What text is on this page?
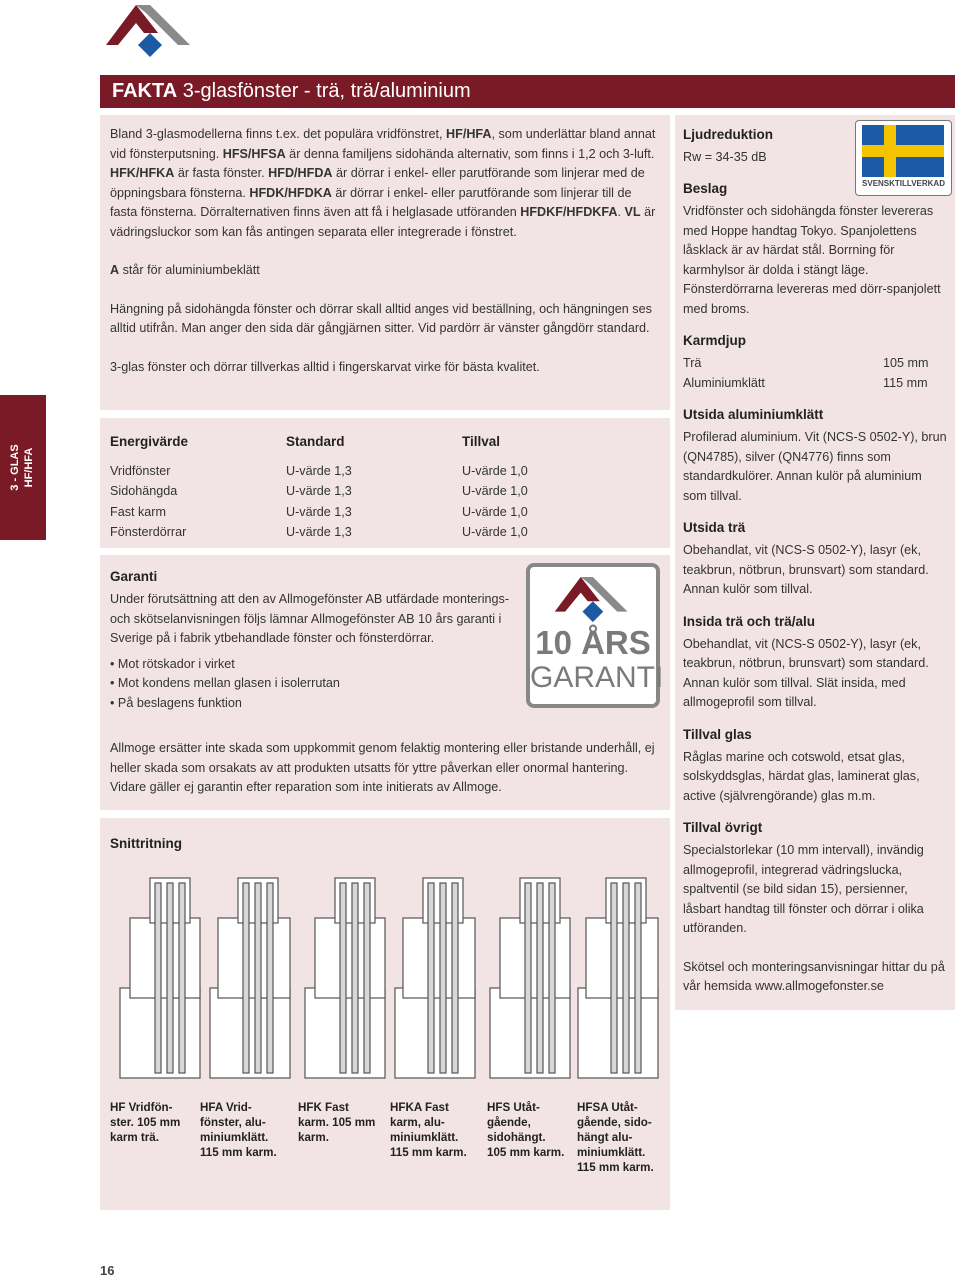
FAKTA 3-glasfönster - trä, trä/aluminium
3 - GLAS HF/HFA

Bland 3-glasmodellerna finns t.ex. det populära vridfönstret, HF/HFA, som underlättar bland annat vid fönsterputsning. HFS/HFSA är denna familjens sidohända alternativ, som finns i 1,2 och 3-luft. HFK/HFKA är fasta fönster. HFD/HFDA är dörrar i enkel- eller parutförande som linjerar med de öppningsbara fönsterna. HFDK/HFDKA är dörrar i enkel- eller parutförande som linjerar till de fasta fönsterna. Dörralternativen finns även att få i helglasade utföranden HFDKF/HFDKFA. VL är vädringsluckor som kan fås antingen separata eller integrerade i fönstret.

A står för aluminiumbeklätt

Hängning på sidohängda fönster och dörrar skall alltid anges vid beställning, och hängningen ses alltid utifrån. Man anger den sida där gångjärnen sitter. Vid pardörr är vänster gångdörr standard.

3-glas fönster och dörrar tillverkas alltid i fingerskarvat virke för bästa kvalitet.

Energivärde	Standard	Tillval
Vridfönster	U-värde 1,3	U-värde 1,0
Sidohängda	U-värde 1,3	U-värde 1,0
Fast karm	U-värde 1,3	U-värde 1,0
Fönsterdörrar	U-värde 1,3	U-värde 1,0

Garanti

Under förutsättning att den av Allmogefönster AB utfärdade monterings- och skötselanvisningen följs lämnar Allmogefönster AB 10 års garanti i Sverige på i fabrik ytbehandlade fönster och fönsterdörrar.

• Mot rötskador i virket
• Mot kondens mellan glasen i isolerrutan
• På beslagens funktion

Allmoge ersätter inte skada som uppkommit genom felaktig montering eller bristande underhåll, ej heller skada som orsakats av att produkten utsatts för yttre påverkan eller onormal hantering. Vidare gäller ej garantin efter reparation som inte initierats av Allmoge.

10 ÅRS
GARANTI

Snittritning

HF Vridfön-
ster. 105 mm
karm trä.
HFA Vrid-
fönster, alu-
miniumklätt.
115 mm karm.
HFK Fast
karm. 105 mm
karm.
HFKA Fast
karm, alu-
miniumklätt.
115 mm karm.
HFS Utåt-
gående,
sidohängt.
105 mm karm.
HFSA Utåt-
gående, sido-
hängt alu-
miniumklätt.
115 mm karm.
SVENSKTILLVERKAD

Ljudreduktion

Rw = 34-35 dB

Beslag

Vridfönster och sidohängda fönster levereras med Hoppe handtag Tokyo. Spanjolettens låsklack är av härdat stål. Borrning för karmhylsor är dolda i stängt läge. Fönsterdörrarna levereras med dörr-spanjolett med broms.

Karmdjup

Trä	105 mm
Aluminiumklätt	115 mm

Utsida aluminiumklätt

Profilerad aluminium. Vit (NCS-S 0502-Y), brun (QN4785), silver (QN4776) finns som standardkulörer. Annan kulör på aluminium som tillval.

Utsida trä

Obehandlat, vit (NCS-S 0502-Y), lasyr (ek, teakbrun, nötbrun, brunsvart) som standard. Annan kulör som tillval.

Insida trä och trä/alu

Obehandlat, vit (NCS-S 0502-Y), lasyr (ek, teakbrun, nötbrun, brunsvart) som standard. Annan kulör som tillval. Slät insida, med allmogeprofil som tillval.

Tillval glas

Råglas marine och cotswold, etsat glas, solskyddsglas, härdat glas, laminerat glas, active (självrengörande) glas m.m.

Tillval övrigt

Specialstorlekar (10 mm intervall), invändig allmogeprofil, integrerad vädringslucka, spaltventil (se bild sidan 15), persienner, låsbart handtag till fönster och dörrar i olika utföranden.

Skötsel och monteringsanvisningar hittar du på vår hemsida www.allmogefonster.se

16
